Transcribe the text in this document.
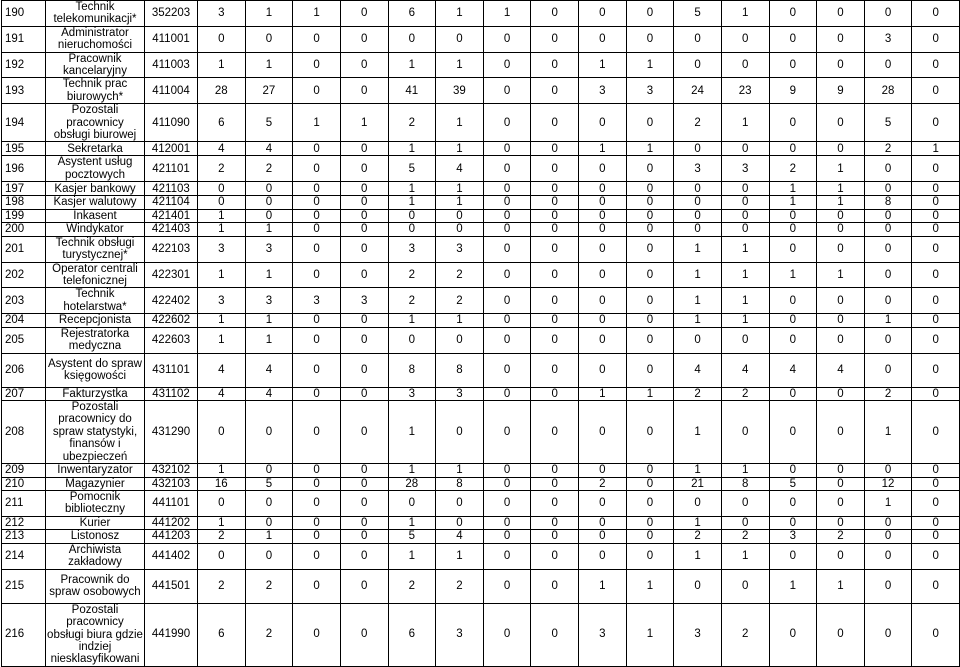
190	Technik telekomunikacji*	352203	3	1	1	0	6	1	1	0	0	0	5	1	0	0	0	0
191	Administrator nieruchomości	411001	0	0	0	0	0	0	0	0	0	0	0	0	0	0	3	0
192	Pracownik kancelaryjny	411003	1	1	0	0	1	1	0	0	1	1	0	0	0	0	0	0
193	Technik prac biurowych*	411004	28	27	0	0	41	39	0	0	3	3	24	23	9	9	28	0
194	Pozostali pracownicy obsługi biurowej	411090	6	5	1	1	2	1	0	0	0	0	2	1	0	0	5	0
195	Sekretarka	412001	4	4	0	0	1	1	0	0	1	1	0	0	0	0	2	1
196	Asystent usług pocztowych	421101	2	2	0	0	5	4	0	0	0	0	3	3	2	1	0	0
197	Kasjer bankowy	421103	0	0	0	0	1	1	0	0	0	0	0	0	1	1	0	0
198	Kasjer walutowy	421104	0	0	0	0	1	1	0	0	0	0	0	0	1	1	8	0
199	Inkasent	421401	1	0	0	0	0	0	0	0	0	0	0	0	0	0	0	0
200	Windykator	421403	1	1	0	0	0	0	0	0	0	0	0	0	0	0	0	0
201	Technik obsługi turystycznej*	422103	3	3	0	0	3	3	0	0	0	0	1	1	0	0	0	0
202	Operator centrali telefonicznej	422301	1	1	0	0	2	2	0	0	0	0	1	1	1	1	0	0
203	Technik hotelarstwa*	422402	3	3	3	3	2	2	0	0	0	0	1	1	0	0	0	0
204	Recepcjonista	422602	1	1	0	0	1	1	0	0	0	0	1	1	0	0	1	0
205	Rejestratorka medyczna	422603	1	1	0	0	0	0	0	0	0	0	0	0	0	0	0	0
206	Asystent do spraw księgowości	431101	4	4	0	0	8	8	0	0	0	0	4	4	4	4	0	0
207	Fakturzystka	431102	4	4	0	0	3	3	0	0	1	1	2	2	0	0	2	0
208	Pozostali pracownicy do spraw statystyki, finansów i ubezpieczeń	431290	0	0	0	0	1	0	0	0	0	0	1	0	0	0	1	0
209	Inwentaryzator	432102	1	0	0	0	1	1	0	0	0	0	1	1	0	0	0	0
210	Magazynier	432103	16	5	0	0	28	8	0	0	2	0	21	8	5	0	12	0
211	Pomocnik biblioteczny	441101	0	0	0	0	0	0	0	0	0	0	0	0	0	0	1	0
212	Kurier	441202	1	0	0	0	1	0	0	0	0	0	1	0	0	0	0	0
213	Listonosz	441203	2	1	0	0	5	4	0	0	0	0	2	2	3	2	0	0
214	Archiwista zakładowy	441402	0	0	0	0	1	1	0	0	0	0	1	1	0	0	0	0
215	Pracownik do spraw osobowych	441501	2	2	0	0	2	2	0	0	1	1	0	0	1	1	0	0
216	Pozostali pracownicy obsługi biura gdzie indziej niesklasyfikowani	441990	6	2	0	0	6	3	0	0	3	1	3	2	0	0	0	0
